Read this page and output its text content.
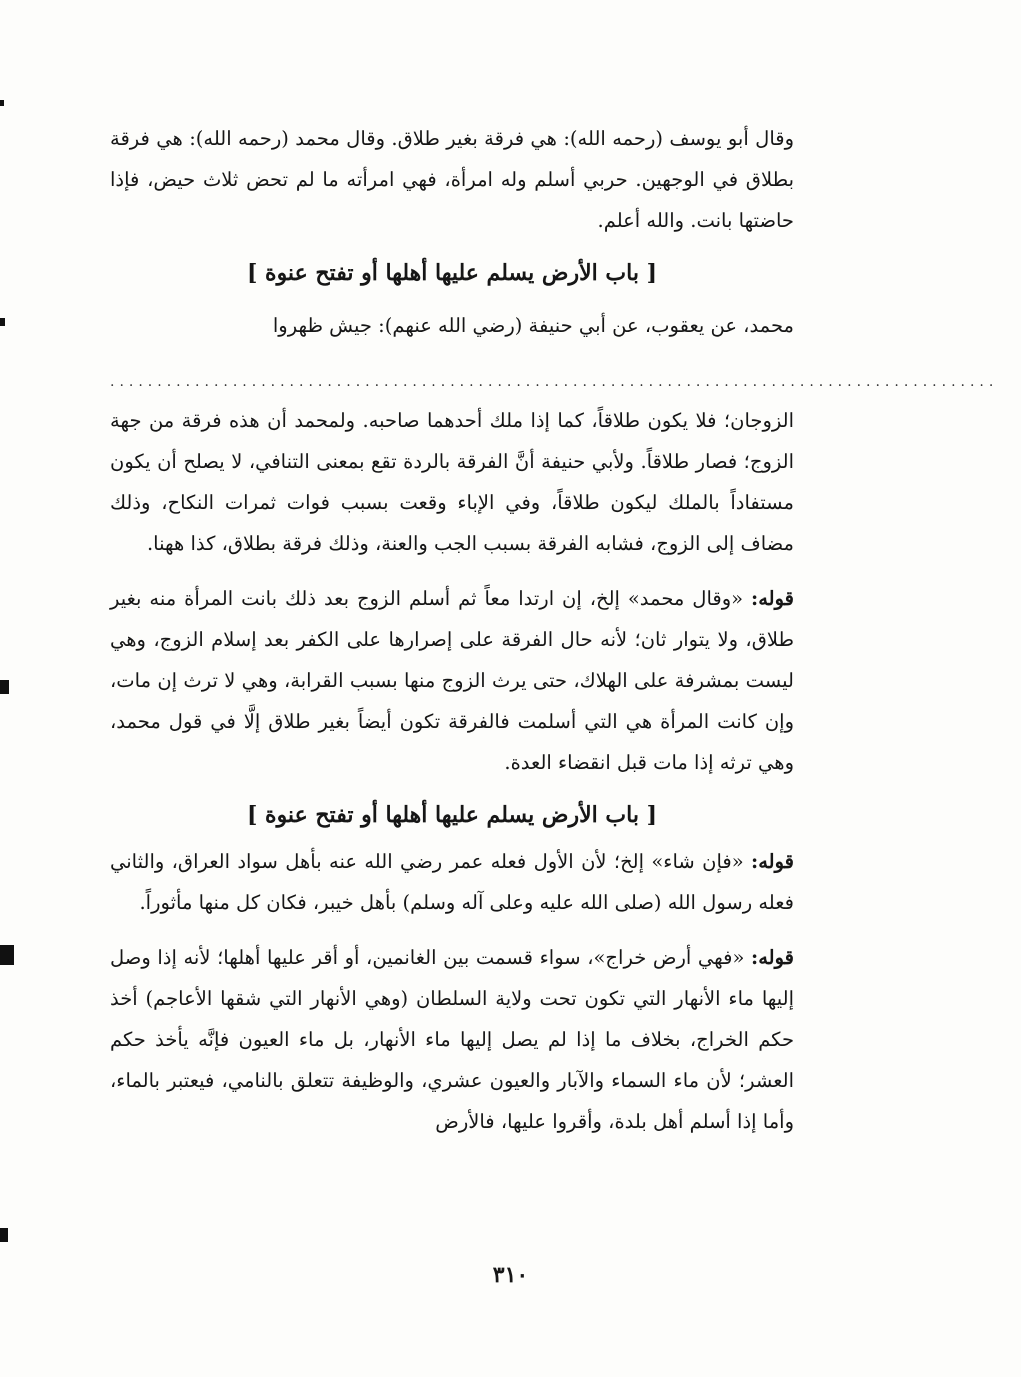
وقال أبو يوسف (رحمه الله): هي فرقة بغير طلاق. وقال محمد (رحمه الله): هي فرقة بطلاق في الوجهين. حربي أسلم وله امرأة، فهي امرأته ما لم تحض ثلاث حيض، فإذا حاضتها بانت. والله أعلم.

[ باب الأرض يسلم عليها أهلها أو تفتح عنوة ]

محمد، عن يعقوب، عن أبي حنيفة (رضي الله عنهم): جيش ظهروا

..............................................................................................

الزوجان؛ فلا يكون طلاقاً، كما إذا ملك أحدهما صاحبه. ولمحمد أن هذه فرقة من جهة الزوج؛ فصار طلاقاً. ولأبي حنيفة أنَّ الفرقة بالردة تقع بمعنى التنافي، لا يصلح أن يكون مستفاداً بالملك ليكون طلاقاً، وفي الإباء وقعت بسبب فوات ثمرات النكاح، وذلك مضاف إلى الزوج، فشابه الفرقة بسبب الجب والعنة، وذلك فرقة بطلاق، كذا ههنا.

قوله: «وقال محمد» إلخ، إن ارتدا معاً ثم أسلم الزوج بعد ذلك بانت المرأة منه بغير طلاق، ولا يتوار ثان؛ لأنه حال الفرقة على إصرارها على الكفر بعد إسلام الزوج، وهي ليست بمشرفة على الهلاك، حتى يرث الزوج منها بسبب القرابة، وهي لا ترث إن مات، وإن كانت المرأة هي التي أسلمت فالفرقة تكون أيضاً بغير طلاق إلَّا في قول محمد، وهي ترثه إذا مات قبل انقضاء العدة.

[ باب الأرض يسلم عليها أهلها أو تفتح عنوة ]

قوله: «فإن شاء» إلخ؛ لأن الأول فعله عمر رضي الله عنه بأهل سواد العراق، والثاني فعله رسول الله (صلى الله عليه وعلى آله وسلم) بأهل خيبر، فكان كل منها مأثوراً.

قوله: «فهي أرض خراج»، سواء قسمت بين الغانمين، أو أقر عليها أهلها؛ لأنه إذا وصل إليها ماء الأنهار التي تكون تحت ولاية السلطان (وهي الأنهار التي شقها الأعاجم) أخذ حكم الخراج، بخلاف ما إذا لم يصل إليها ماء الأنهار، بل ماء العيون فإنَّه يأخذ حكم العشر؛ لأن ماء السماء والآبار والعيون عشري، والوظيفة تتعلق بالنامي، فيعتبر بالماء، وأما إذا أسلم أهل بلدة، وأقروا عليها، فالأرض

٣١٠
